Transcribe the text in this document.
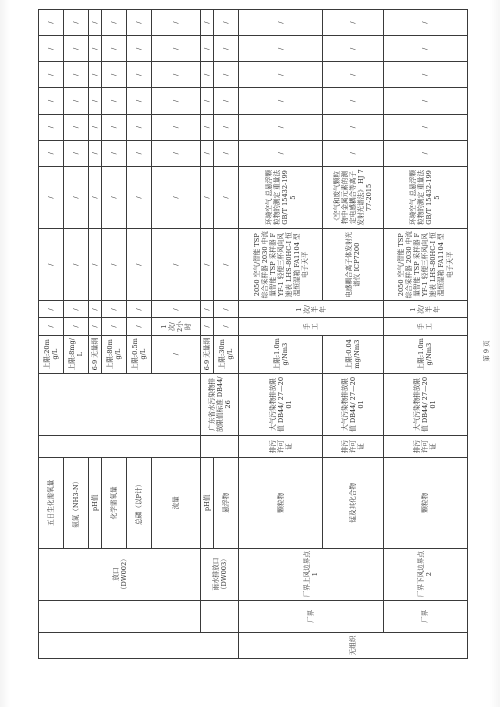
		放口 （DW002）	五日生化需氧量			上限:20mg/L	/	/	/	/	/	/	/	/	/	/
			氨氮（NH3-N）			上限:8mg/L	/	/	/	/	/	/	/	/	/	/
			pH值			6-9 无量纲	/	/	/	/	/	/	/	/	/	/
			化学需氧量			上限:80mg/L	/	/	/	/	/	/	/	/	/	/
			总磷（以P计）			上限:0.5mg/L	/	/	/	/	/	/	/	/	/	/
			流量			/	1次/2小时	/	/	/	/	/	/	/	/	/

		雨水排放口 （DW003）	pH值		广东省水污染物排放限值标准 DB44/26	6-9 无量纲	/	/	/	/	/	/	/	/	/	/
			悬浮物			上限:30mg/L	/	/	/	/	/	/	/	/	/	/
无组织	厂界	厂界上风边界点 1	颗粒物	排污许可证	大气污染物排放限值 DB44/ 27—2001	上限:1.0mg/Nm3	手工	1次/半年	2050 空气/智能 TSP 综合采样器 2030 中流量智能 TSP 采样器 FYF-1 轻便三杯风向风速表 LHS-80HC-I 恒温恒湿箱 FA1104 型 电子天平	环境空气 总悬浮颗粒物的测定 重量法 GB/T 15432-1995	/	/	/	/	/	/
			锰及其化合物	排污许可证	大气污染物排放限值 DB44/ 27—2001	上限:0.04mg/Nm3			电感耦合离子体发射光谱仪 ICP7200	《空气和废气颗粒物中金属元素的测定电感耦合等离子发射光谱法》 HJ 777-2015	/	/	/	/	/	/
	厂界	厂界下风边界点 2	颗粒物	排污许可证	大气污染物排放限值 DB44/ 27—2001	上限:1.0mg/Nm3	手工	1次/半年	2050 空气/智能 TSP 综合采样器 2030 中流量智能 TSP 采样器 FYF-1 轻便三杯风向风速表 LHS-80HC-I 恒温恒湿箱 FA1104 型 电子天平	环境空气 总悬浮颗粒物的测定 重量法 GB/T 15432-1995	/	/	/	/	/	/
第 9 页
